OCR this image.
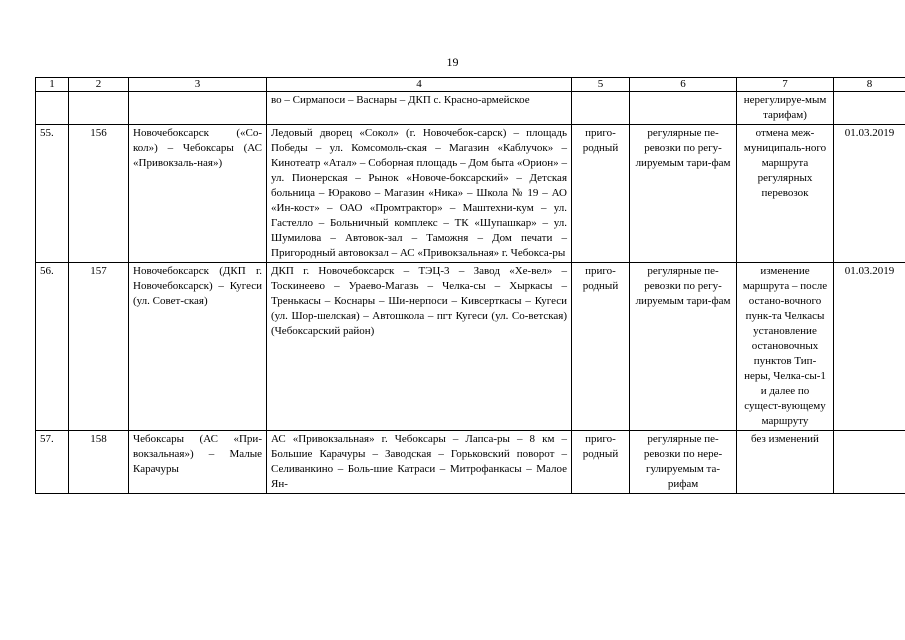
19
1	2	3	4	5	6	7	8
			во – Сирмапоси – Васнары – ДКП с. Красно-армейское			нерегулируе-мым тарифам)	
55.	156	Новочебоксарск («Со-кол») – Чебоксары (АС «Привокзаль-ная»)	Ледовый дворец «Сокол» (г. Новочебок-сарск) – площадь Победы – ул. Комсомоль-ская – Магазин «Каблучок» – Кинотеатр «Атал» – Соборная площадь – Дом быта «Орион» – ул. Пионерская – Рынок «Новоче-боксарский» – Детская больница – Юраково – Магазин «Ника» – Школа № 19 – АО «Ин-кост» – ОАО «Промтрактор» – Маштехни-кум – ул. Гастелло – Больничный комплекс – ТК «Шупашкар» – ул. Шумилова – Автовок-зал – Таможня – Дом печати – Пригородный автовокзал – АС «Привокзальная» г. Чебокса-ры	приго-родный	регулярные пе-ревозки по регу-лируемым тари-фам	отмена меж-муниципаль-ного маршрута регулярных перевозок	01.03.2019
56.	157	Новочебоксарск (ДКП г. Новочебоксарск) – Кугеси (ул. Совет-ская)	ДКП г. Новочебоксарск – ТЭЦ-3 – Завод «Хе-вел» – Тоскинеево – Ураево-Магазь – Челка-сы – Хыркасы – Тренькасы – Коснары – Ши-нерпоси – Кивсерткасы – Кугеси (ул. Шор-шелская) – Автошкола – пгт Кугеси (ул. Со-ветская) (Чебоксарский район)	приго-родный	регулярные пе-ревозки по регу-лируемым тари-фам	изменение маршрута – после остано-вочного пунк-та Челкасы установление остановочных пунктов Тип-неры, Челка-сы-1 и далее по сущест-вующему маршруту	01.03.2019
57.	158	Чебоксары (АС «При-вокзальная») – Малые Карачуры	АС «Привокзальная» г. Чебоксары – Лапса-ры – 8 км – Большие Карачуры – Заводская – Горьковский поворот – Селиванкино – Боль-шие Катраси – Митрофанкасы – Малое Ян-	приго-родный	регулярные пе-ревозки по нере-гулируемым та-рифам	без изменений	
